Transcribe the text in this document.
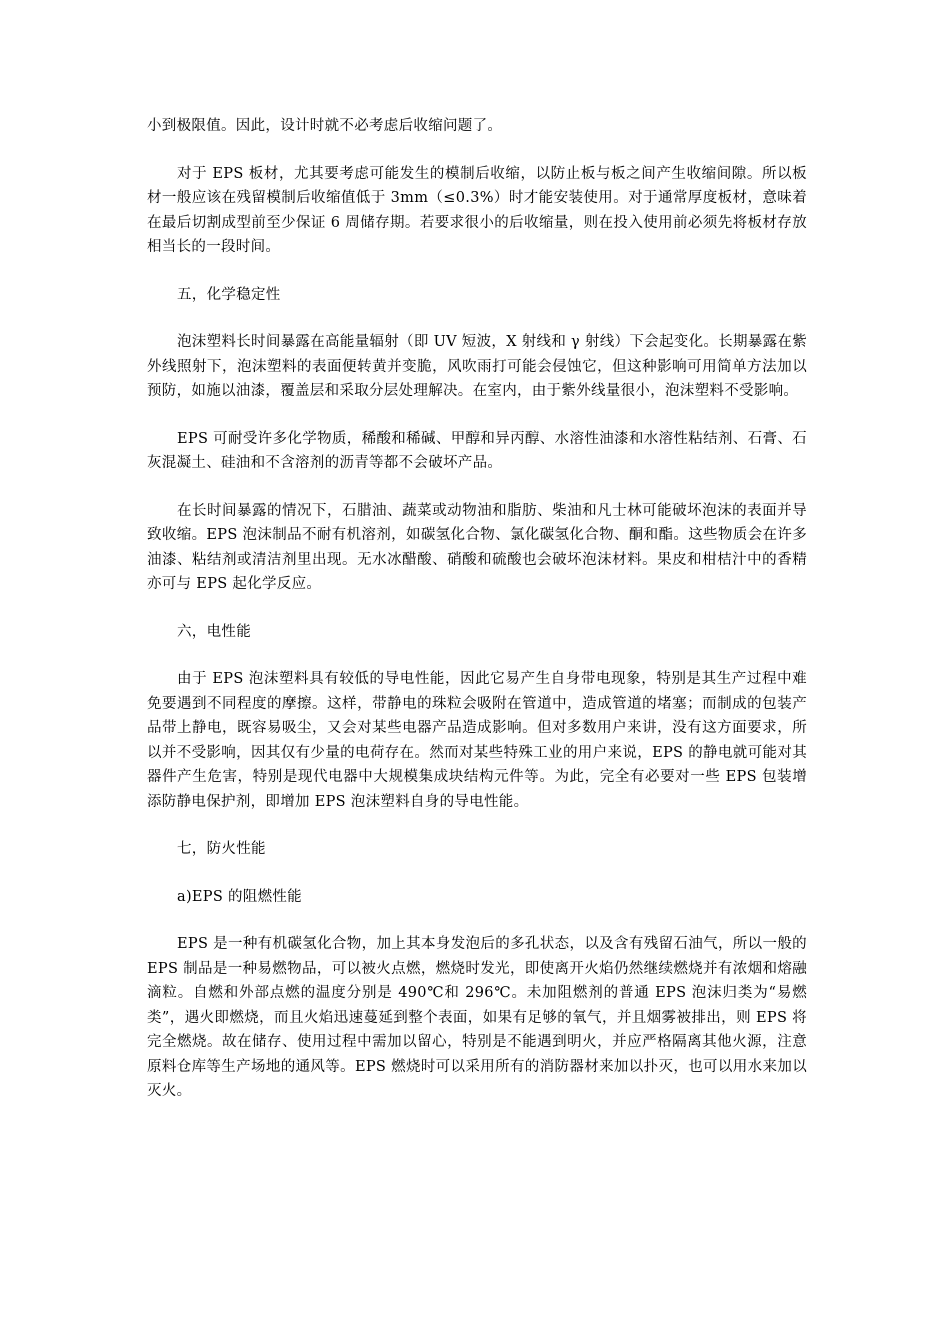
小到极限值。因此，设计时就不必考虑后收缩问题了。

对于 EPS 板材，尤其要考虑可能发生的模制后收缩，以防止板与板之间产生收缩间隙。所以板材一般应该在残留模制后收缩值低于 3mm（≤0.3%）时才能安装使用。对于通常厚度板材，意味着在最后切割成型前至少保证 6 周储存期。若要求很小的后收缩量，则在投入使用前必须先将板材存放相当长的一段时间。

五，化学稳定性

泡沫塑料长时间暴露在高能量辐射（即 UV 短波，X 射线和 γ 射线）下会起变化。长期暴露在紫外线照射下，泡沫塑料的表面便转黄并变脆，风吹雨打可能会侵蚀它，但这种影响可用简单方法加以预防，如施以油漆，覆盖层和采取分层处理解决。在室内，由于紫外线量很小，泡沫塑料不受影响。

EPS 可耐受许多化学物质，稀酸和稀碱、甲醇和异丙醇、水溶性油漆和水溶性粘结剂、石膏、石灰混凝土、硅油和不含溶剂的沥青等都不会破坏产品。

在长时间暴露的情况下，石腊油、蔬菜或动物油和脂肪、柴油和凡士林可能破坏泡沫的表面并导致收缩。EPS 泡沫制品不耐有机溶剂，如碳氢化合物、氯化碳氢化合物、酮和酯。这些物质会在许多油漆、粘结剂或清洁剂里出现。无水冰醋酸、硝酸和硫酸也会破坏泡沫材料。果皮和柑桔汁中的香精亦可与 EPS 起化学反应。

六，电性能

由于 EPS 泡沫塑料具有较低的导电性能，因此它易产生自身带电现象，特别是其生产过程中难免要遇到不同程度的摩擦。这样，带静电的珠粒会吸附在管道中，造成管道的堵塞；而制成的包装产品带上静电，既容易吸尘，又会对某些电器产品造成影响。但对多数用户来讲，没有这方面要求，所以并不受影响，因其仅有少量的电荷存在。然而对某些特殊工业的用户来说，EPS 的静电就可能对其器件产生危害，特别是现代电器中大规模集成块结构元件等。为此，完全有必要对一些 EPS 包装增添防静电保护剂，即增加 EPS 泡沫塑料自身的导电性能。

七，防火性能

a)EPS 的阻燃性能

EPS 是一种有机碳氢化合物，加上其本身发泡后的多孔状态，以及含有残留石油气，所以一般的 EPS 制品是一种易燃物品，可以被火点燃，燃烧时发光，即使离开火焰仍然继续燃烧并有浓烟和熔融滴粒。自燃和外部点燃的温度分别是 490℃和 296℃。未加阻燃剂的普通 EPS 泡沫归类为“易燃类”，遇火即燃烧，而且火焰迅速蔓延到整个表面，如果有足够的氧气，并且烟雾被排出，则 EPS 将完全燃烧。故在储存、使用过程中需加以留心，特别是不能遇到明火，并应严格隔离其他火源，注意原料仓库等生产场地的通风等。EPS 燃烧时可以采用所有的消防器材来加以扑灭，也可以用水来加以灭火。
